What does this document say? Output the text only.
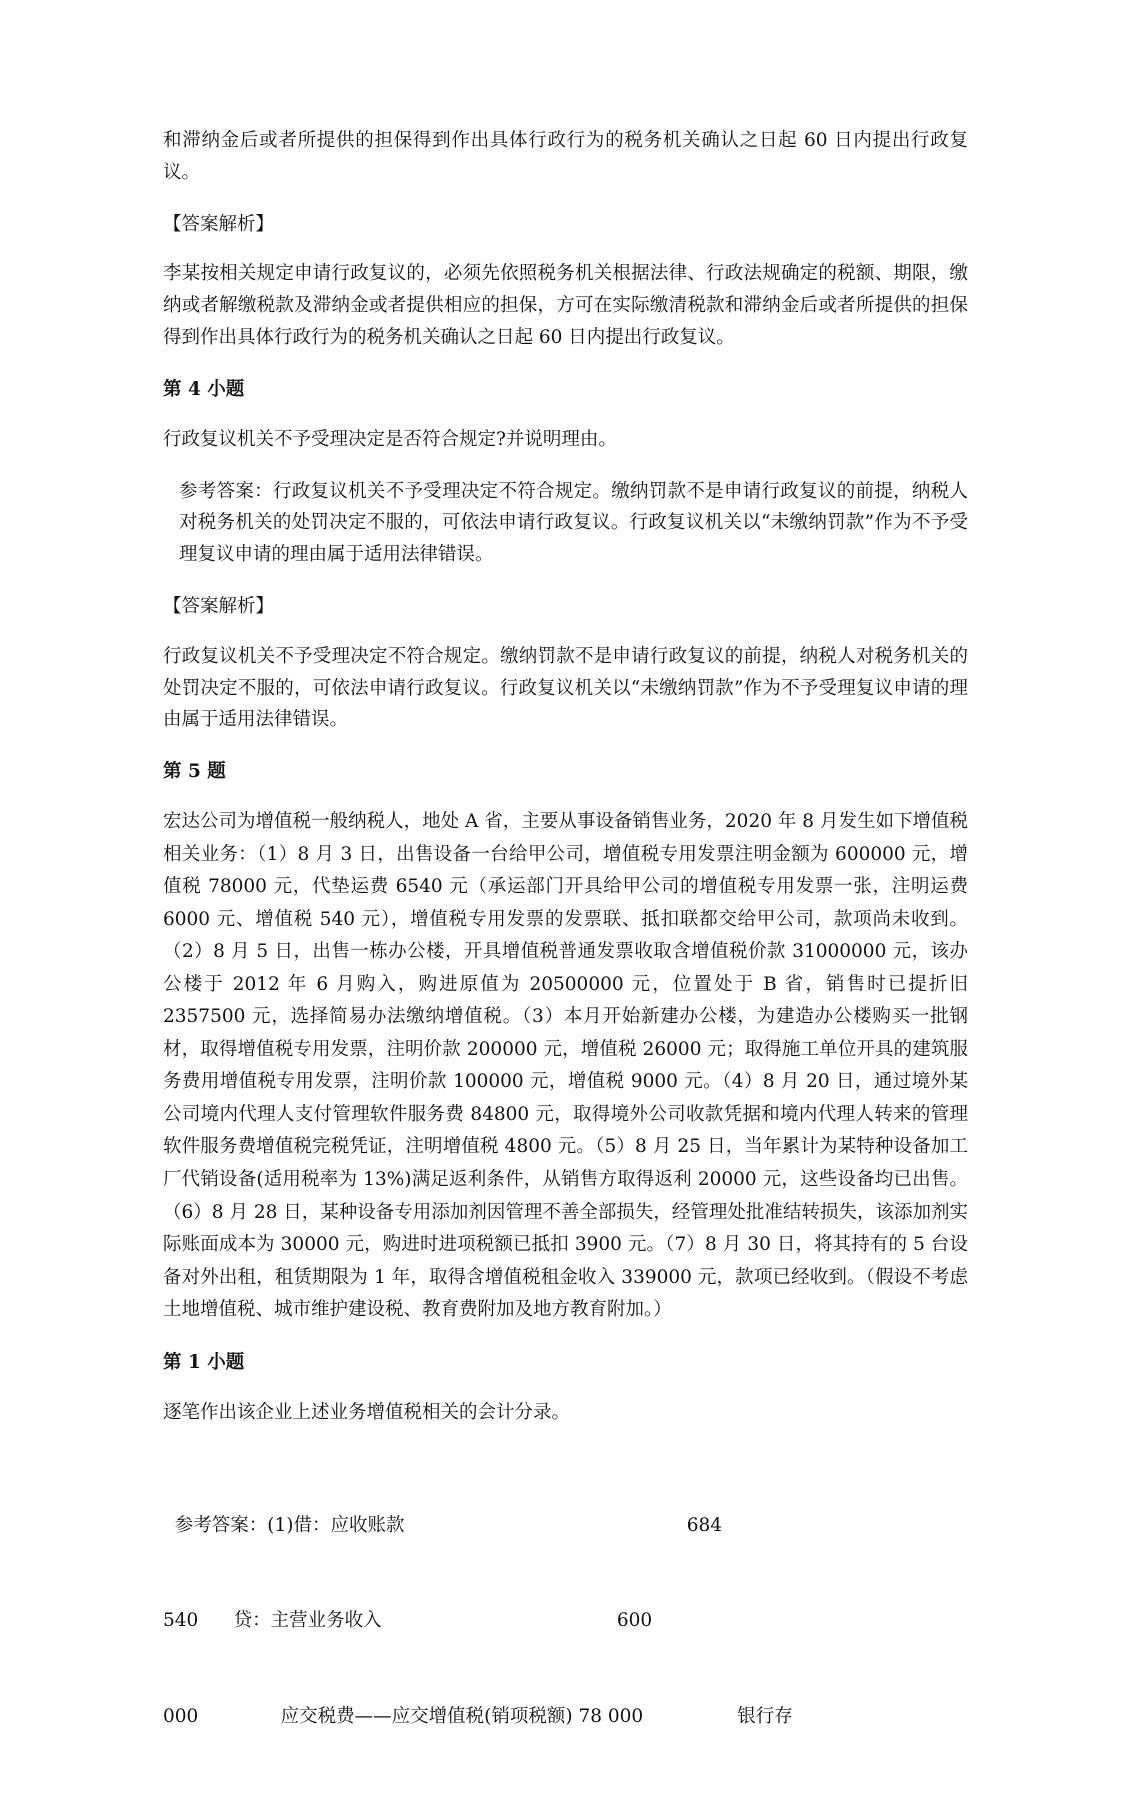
和滞纳金后或者所提供的担保得到作出具体行政行为的税务机关确认之日起 60 日内提出行政复议。

【答案解析】

李某按相关规定申请行政复议的，必须先依照税务机关根据法律、行政法规确定的税额、期限，缴纳或者解缴税款及滞纳金或者提供相应的担保，方可在实际缴清税款和滞纳金后或者所提供的担保得到作出具体行政行为的税务机关确认之日起 60 日内提出行政复议。

第 4 小题

行政复议机关不予受理决定是否符合规定?并说明理由。

参考答案：行政复议机关不予受理决定不符合规定。缴纳罚款不是申请行政复议的前提，纳税人对税务机关的处罚决定不服的，可依法申请行政复议。行政复议机关以“未缴纳罚款”作为不予受理复议申请的理由属于适用法律错误。

【答案解析】

行政复议机关不予受理决定不符合规定。缴纳罚款不是申请行政复议的前提，纳税人对税务机关的处罚决定不服的，可依法申请行政复议。行政复议机关以“未缴纳罚款”作为不予受理复议申请的理由属于适用法律错误。

第 5 题

宏达公司为增值税一般纳税人，地处 A 省，主要从事设备销售业务，2020 年 8 月发生如下增值税相关业务：（1）8 月 3 日，出售设备一台给甲公司，增值税专用发票注明金额为 600000 元，增值税 78000 元，代垫运费 6540 元（承运部门开具给甲公司的增值税专用发票一张，注明运费 6000 元、增值税 540 元），增值税专用发票的发票联、抵扣联都交给甲公司，款项尚未收到。（2）8 月 5 日，出售一栋办公楼，开具增值税普通发票收取含增值税价款 31000000 元，该办公楼于 2012 年 6 月购入，购进原值为 20500000 元，位置处于 B 省，销售时已提折旧 2357500 元，选择简易办法缴纳增值税。（3）本月开始新建办公楼，为建造办公楼购买一批钢材，取得增值税专用发票，注明价款 200000 元，增值税 26000 元；取得施工单位开具的建筑服务费用增值税专用发票，注明价款 100000 元，增值税 9000 元。（4）8 月 20 日，通过境外某公司境内代理人支付管理软件服务费 84800 元，取得境外公司收款凭据和境内代理人转来的管理软件服务费增值税完税凭证，注明增值税 4800 元。（5）8 月 25 日，当年累计为某特种设备加工厂代销设备(适用税率为 13%)满足返利条件，从销售方取得返利 20000 元，这些设备均已出售。（6）8 月 28 日，某种设备专用添加剂因管理不善全部损失，经管理处批准结转损失，该添加剂实际账面成本为 30000 元，购进时进项税额已抵扣 3900 元。（7）8 月 30 日，将其持有的 5 台设备对外出租，租赁期限为 1 年，取得含增值税租金收入 339000 元，款项已经收到。（假设不考虑土地增值税、城市维护建设税、教育费附加及地方教育附加。）

第 1 小题

逐笔作出该企业上述业务增值税相关的会计分录。

参考答案：(1)借：应收账款                                                684

540      贷：主营业务收入                                        600

000              应交税费——应交增值税(销项税额) 78 000                银行存
